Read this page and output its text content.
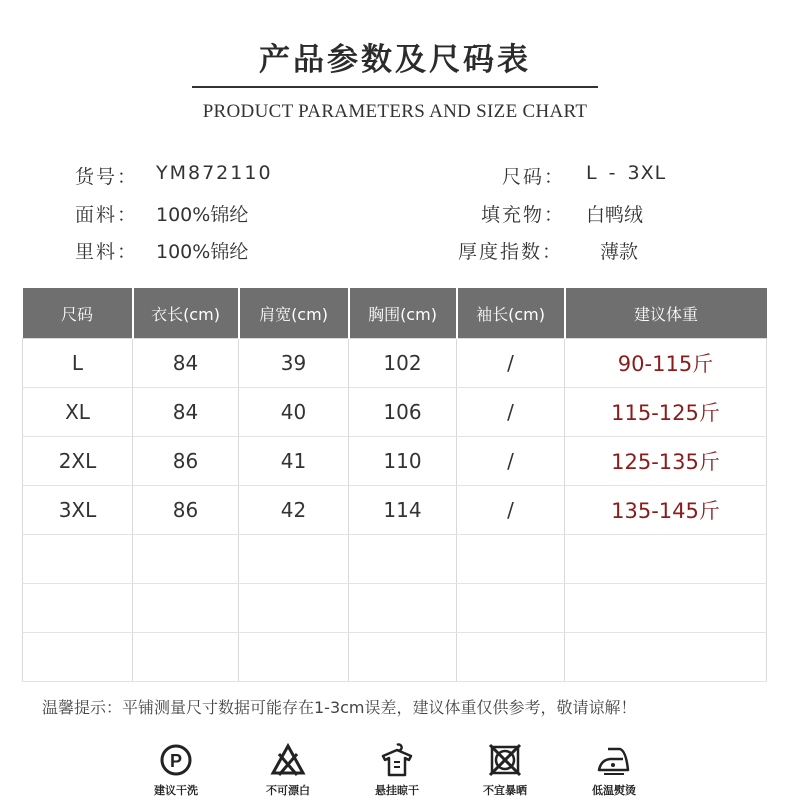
产品参数及尺码表
PRODUCT PARAMETERS AND SIZE CHART
货号： YM872110
面料： 100%锦纶
里料： 100%锦纶
尺码： L - 3XL
填充物： 白鸭绒
厚度指数： 薄款
尺码	衣长(cm)	肩宽(cm)	胸围(cm)	袖长(cm)	建议体重
L	84	39	102	/	90-115斤
XL	84	40	106	/	115-125斤
2XL	86	41	110	/	125-135斤
3XL	86	42	114	/	135-145斤

温馨提示：平铺测量尺寸数据可能存在1-3cm误差，建议体重仅供参考，敬请谅解！
P
建议干洗	不可漂白	悬挂晾干	不宜暴晒	低温熨烫
